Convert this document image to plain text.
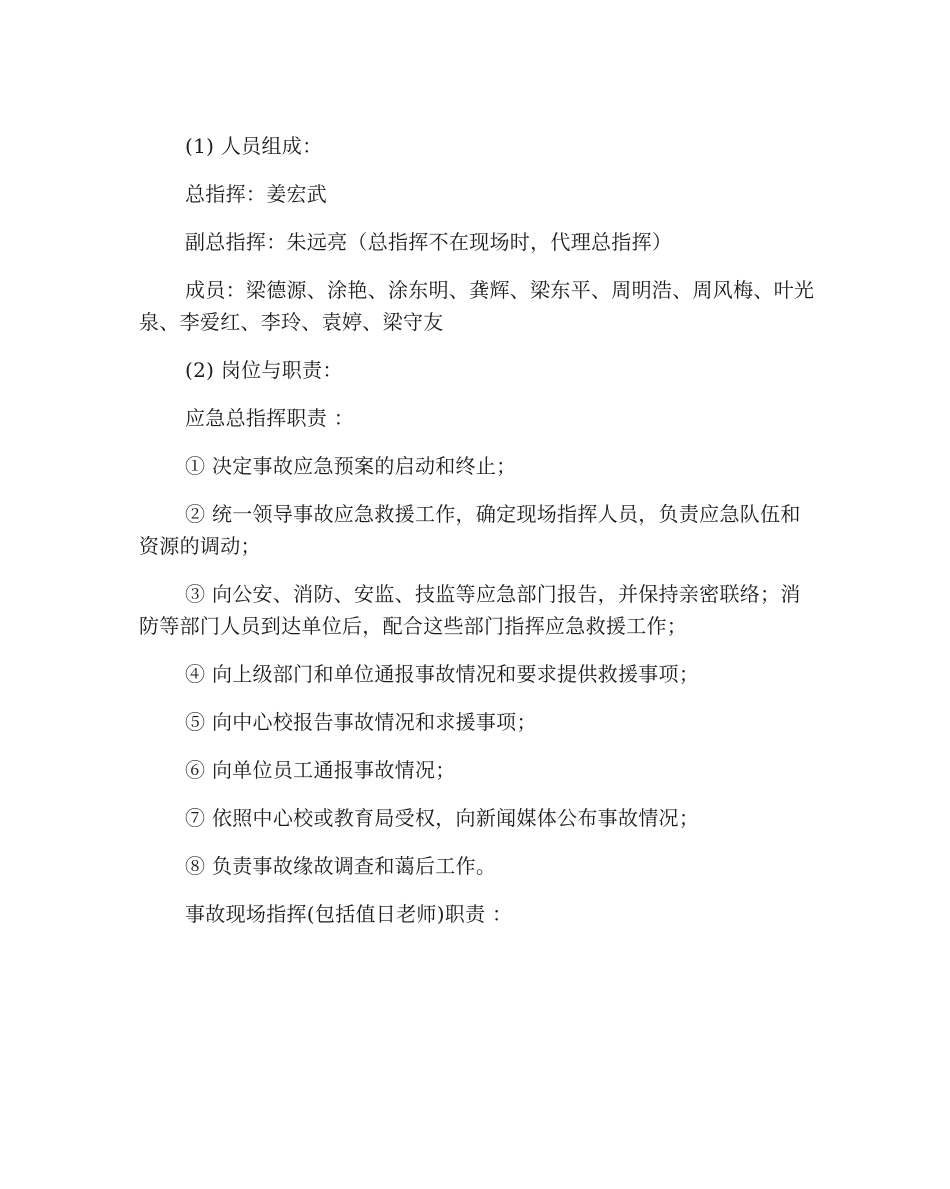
(1) 人员组成：

总指挥：姜宏武

副总指挥：朱远亮（总指挥不在现场时，代理总指挥）

成员：梁德源、涂艳、涂东明、龚辉、梁东平、周明浩、周风梅、叶光泉、李爱红、李玲、袁婷、梁守友

(2) 岗位与职责：

应急总指挥职责 ：

① 决定事故应急预案的启动和终止；

② 统一领导事故应急救援工作，确定现场指挥人员，负责应急队伍和资源的调动；

③ 向公安、消防、安监、技监等应急部门报告，并保持亲密联络；消防等部门人员到达单位后，配合这些部门指挥应急救援工作；

④ 向上级部门和单位通报事故情况和要求提供救援事项；

⑤ 向中心校报告事故情况和求援事项；

⑥ 向单位员工通报事故情况；

⑦ 依照中心校或教育局受权，向新闻媒体公布事故情况；

⑧ 负责事故缘故调查和蔼后工作。

事故现场指挥(包括值日老师)职责 ：
